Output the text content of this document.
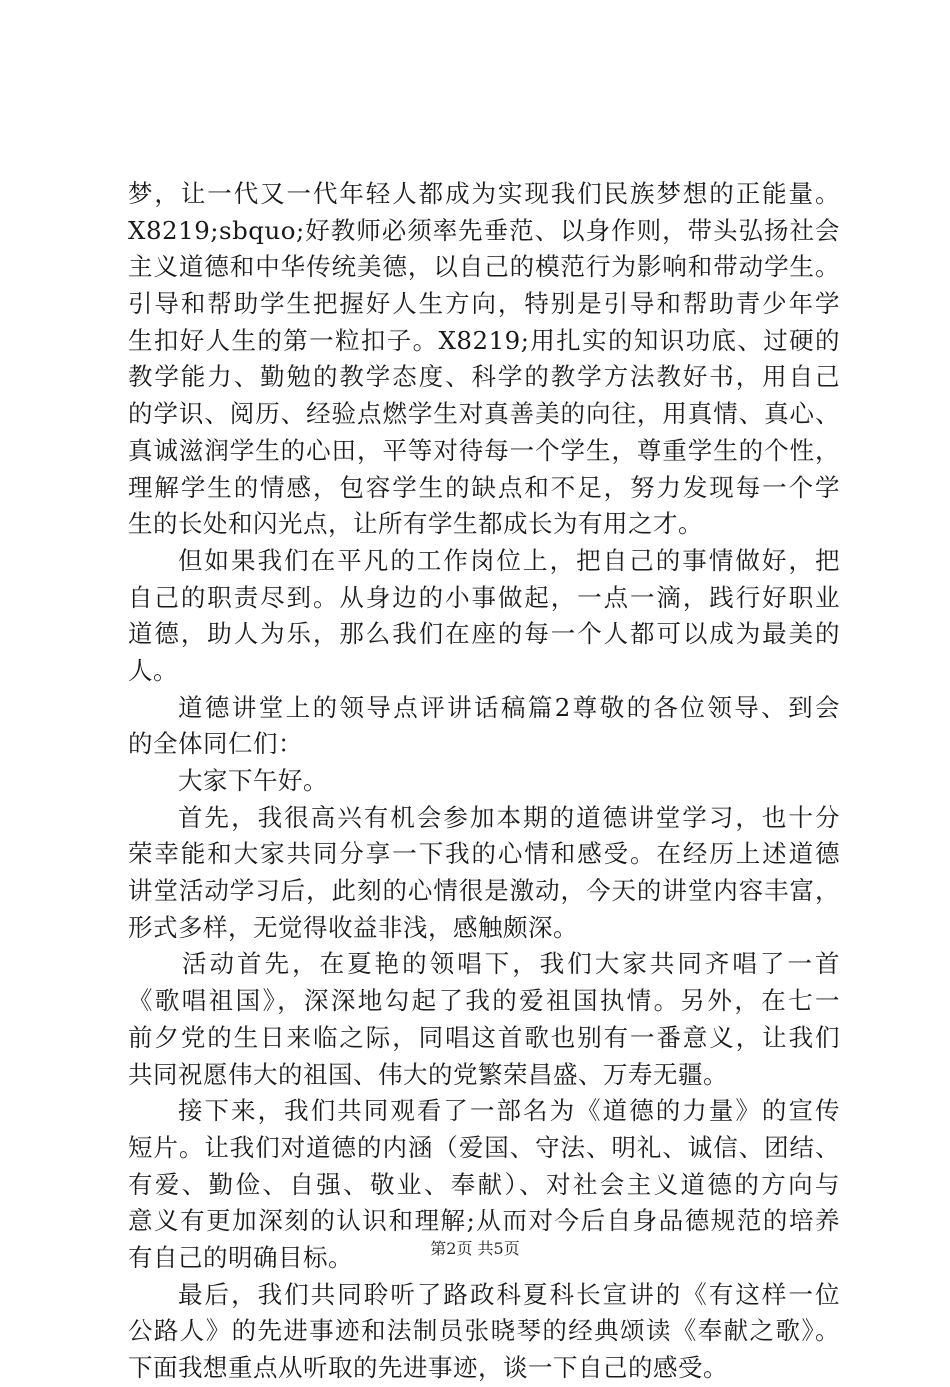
梦，让一代又一代年轻人都成为实现我们民族梦想的正能量。
X8219;sbquo;好教师必须率先垂范、以身作则，带头弘扬社会
主义道德和中华传统美德，以自己的模范行为影响和带动学生。
引导和帮助学生把握好人生方向，特别是引导和帮助青少年学
生扣好人生的第一粒扣子。X8219;用扎实的知识功底、过硬的
教学能力、勤勉的教学态度、科学的教学方法教好书，用自己
的学识、阅历、经验点燃学生对真善美的向往，用真情、真心、
真诚滋润学生的心田，平等对待每一个学生，尊重学生的个性，
理解学生的情感，包容学生的缺点和不足，努力发现每一个学
生的长处和闪光点，让所有学生都成长为有用之才。
但如果我们在平凡的工作岗位上，把自己的事情做好，把
自己的职责尽到。从身边的小事做起，一点一滴，践行好职业
道德，助人为乐，那么我们在座的每一个人都可以成为最美的
人。
道德讲堂上的领导点评讲话稿篇2尊敬的各位领导、到会
的全体同仁们：
大家下午好。
首先，我很高兴有机会参加本期的道德讲堂学习，也十分
荣幸能和大家共同分享一下我的心情和感受。在经历上述道德
讲堂活动学习后，此刻的心情很是激动，今天的讲堂内容丰富，
形式多样，无觉得收益非浅，感触颇深。
活动首先，在夏艳的领唱下，我们大家共同齐唱了一首
《歌唱祖国》，深深地勾起了我的爱祖国执情。另外，在七一
前夕党的生日来临之际，同唱这首歌也别有一番意义，让我们
共同祝愿伟大的祖国、伟大的党繁荣昌盛、万寿无疆。
接下来，我们共同观看了一部名为《道德的力量》的宣传
短片。让我们对道德的内涵（爱国、守法、明礼、诚信、团结、
有爱、勤俭、自强、敬业、奉献）、对社会主义道德的方向与
意义有更加深刻的认识和理解;从而对今后自身品德规范的培养
有自己的明确目标。
最后，我们共同聆听了路政科夏科长宣讲的《有这样一位
公路人》的先进事迹和法制员张晓琴的经典颂读《奉献之歌》。
下面我想重点从听取的先进事迹，谈一下自己的感受。
第2页 共5页
